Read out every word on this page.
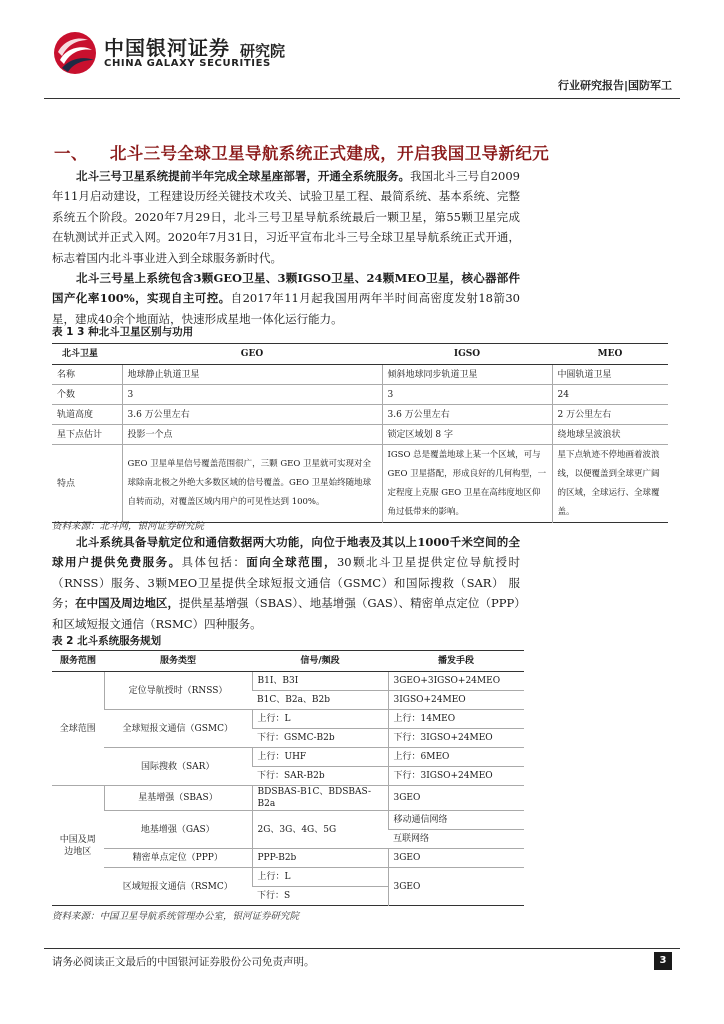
中国银河证券
CHINA GALAXY SECURITIES
研究院
行业研究报告|国防军工
一、 北斗三号全球卫星导航系统正式建成，开启我国卫导新纪元
北斗三号卫星系统提前半年完成全球星座部署，开通全系统服务。我国北斗三号自2009年11月启动建设，工程建设历经关键技术攻关、试验卫星工程、最简系统、基本系统、完整系统五个阶段。2020年7月29日，北斗三号卫星导航系统最后一颗卫星，第55颗卫星完成在轨测试并正式入网。2020年7月31日，习近平宣布北斗三号全球卫星导航系统正式开通，标志着国内北斗事业进入到全球服务新时代。
北斗三号星上系统包含3颗GEO卫星、3颗IGSO卫星、24颗MEO卫星，核心器部件国产化率100%，实现自主可控。自2017年11月起我国用两年半时间高密度发射18箭30星，建成40余个地面站，快速形成星地一体化运行能力。
表 1 3 种北斗卫星区别与功用
北斗卫星	GEO	IGSO	MEO
名称	地球静止轨道卫星	倾斜地球同步轨道卫星	中圆轨道卫星
个数	3	3	24
轨道高度	3.6 万公里左右	3.6 万公里左右	2 万公里左右
星下点估计	投影一个点	锁定区域划 8 字	绕地球呈波浪状
特点	GEO 卫星单星信号覆盖范围很广，三颗 GEO 卫星就可实现对全球除南北极之外绝大多数区域的信号覆盖。GEO 卫星始终随地球自转而动，对覆盖区域内用户的可见性达到 100%。	IGSO 总是覆盖地球上某一个区域，可与 GEO 卫星搭配，形成良好的几何构型，一定程度上克服 GEO 卫星在高纬度地区仰角过低带来的影响。	星下点轨迹不停地画着波浪线，以便覆盖到全球更广阔的区域，全球运行、全球覆盖。
资料来源：北斗网，银河证券研究院
北斗系统具备导航定位和通信数据两大功能，向位于地表及其以上1000千米空间的全球用户提供免费服务。具体包括：面向全球范围，30颗北斗卫星提供定位导航授时（RNSS）服务、3颗MEO卫星提供全球短报文通信（GSMC）和国际搜救（SAR） 服务；在中国及周边地区，提供星基增强（SBAS）、地基增强（GAS）、精密单点定位（PPP）和区域短报文通信（RSMC）四种服务。
表 2 北斗系统服务规划
服务范围	服务类型	信号/频段	播发手段
全球范围	定位导航授时（RNSS）	B1I、B3I	3GEO+3IGSO+24MEO
		B1C、B2a、B2b	3IGSO+24MEO
	全球短报文通信（GSMC）	上行：L	上行：14MEO
		下行：GSMC-B2b	下行：3IGSO+24MEO
	国际搜救（SAR）	上行：UHF	上行：6MEO
		下行：SAR-B2b	下行：3IGSO+24MEO
中国及周边地区	星基增强（SBAS）	BDSBAS-B1C、BDSBAS-B2a	3GEO
	地基增强（GAS）	2G、3G、4G、5G	移动通信网络
			互联网络
	精密单点定位（PPP）	PPP-B2b	3GEO
	区域短报文通信（RSMC）	上行：L	3GEO
		下行：S	
资料来源：中国卫星导航系统管理办公室，银河证券研究院
请务必阅读正文最后的中国银河证券股份公司免责声明。	3
